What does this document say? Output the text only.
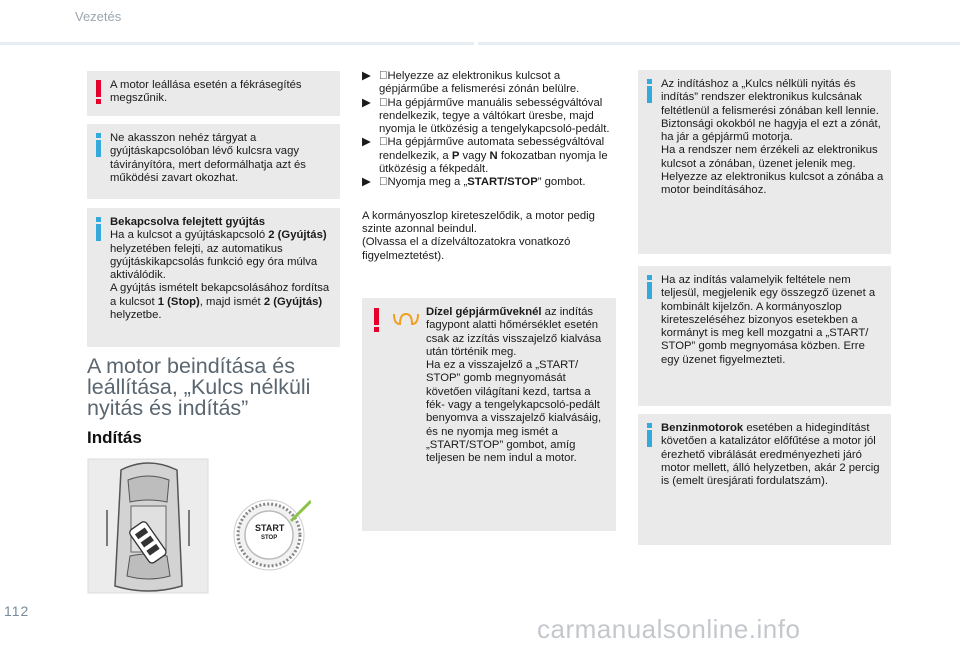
Vezetés

A motor leállása esetén a fékrásegítés megszűnik.

Ne akasszon nehéz tárgyat a gyújtáskapcsolóban lévő kulcsra vagy távirányítóra, mert deformálhatja azt és működési zavart okozhat.

Bekapcsolva felejtett gyújtás

Ha a kulcsot a gyújtáskapcsoló 2 (Gyújtás) helyzetében felejti, az automatikus gyújtáskikapcsolás funkció egy óra múlva aktiválódik.

A gyújtás ismételt bekapcsolásához fordítsa a kulcsot 1 (Stop), majd ismét 2 (Gyújtás) helyzetbe.

A motor beindítása és leállítása, „Kulcs nélküli nyitás és indítás”
Indítás
START
STOP

▶ Helyezze az elektronikus kulcsot a gépjárműbe a felismerési zónán belülre.

▶ Ha gépjárműve manuális sebességváltóval rendelkezik, tegye a váltókart üresbe, majd nyomja le ütközésig a tengelykapcsoló-pedált.

▶ Ha gépjárműve automata sebességváltóval rendelkezik, a P vagy N fokozatban nyomja le ütközésig a fékpedált.

▶ Nyomja meg a „START/STOP” gombot.

A kormányoszlop kireteszelődik, a motor pedig szinte azonnal beindul.

(Olvassa el a dízelváltozatokra vonatkozó figyelmeztetést).

Dízel gépjárműveknél az indítás fagypont alatti hőmérséklet esetén csak az izzítás visszajelző kialvása után történik meg.

Ha ez a visszajelző a „START/ STOP” gomb megnyomását követően világítani kezd, tartsa a fék- vagy a tengelykapcsoló-pedált benyomva a visszajelző kialvásáig, és ne nyomja meg ismét a „START/STOP” gombot, amíg teljesen be nem indul a motor.

Az indításhoz a „Kulcs nélküli nyitás és indítás” rendszer elektronikus kulcsának feltétlenül a felismerési zónában kell lennie. Biztonsági okokból ne hagyja el ezt a zónát, ha jár a gépjármű motorja.

Ha a rendszer nem érzékeli az elektronikus kulcsot a zónában, üzenet jelenik meg. Helyezze az elektronikus kulcsot a zónába a motor beindításához.

Ha az indítás valamelyik feltétele nem teljesül, megjelenik egy összegző üzenet a kombinált kijelzőn. A kormányoszlop kireteszeléséhez bizonyos esetekben a kormányt is meg kell mozgatni a „START/ STOP” gomb megnyomása közben. Erre egy üzenet figyelmezteti.

Benzinmotorok esetében a hidegindítást követően a katalizátor előfűtése a motor jól érezhető vibrálását eredményezheti járó motor mellett, álló helyzetben, akár 2 percig is (emelt üresjárati fordulatszám).

112
carmanualsonline.info
